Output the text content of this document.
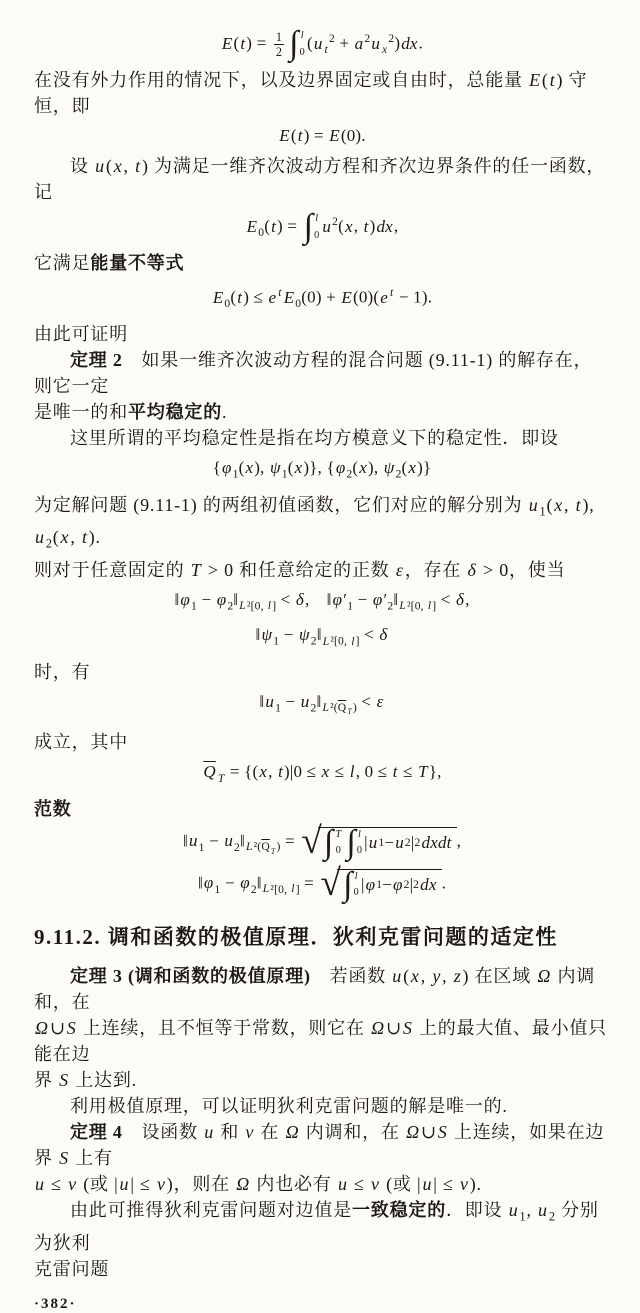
$E(t) = \frac{1}{2}$ ∫ l
0 (u $_t^2 + a^2u$ $_x^2$)dx.

在没有外力作用的情况下，以及边界固定或自由时，总能量 E(t) 守恒，即

E(t) = E(0).

设 u(x, t) 为满足一维齐次波动方程和齐次边界条件的任一函数，记

$E_0(t)$ = ∫ l
0 $u^2(x$, t)dx,

它满足能量不等式

$E_0(t) \le e$ $^t$ $E_0(0) + E(0)(e$ $^t$ − 1).

由此可证明

定理 2　如果一维齐次波动方程的混合问题 (9.11-1) 的解存在，则它一定

是唯一的和平均稳定的.

这里所谓的平均稳定性是指在均方模意义下的稳定性．即设

{$\varphi_1(x)$, $\psi_1(x)$}, {$\varphi_2(x)$, $\psi_2(x)$}

为定解问题 (9.11-1) 的两组初值函数，它们对应的解分别为 $u_1(x$, t), $u_2(x$, t).

则对于任意固定的 T > 0 和任意给定的正数 ε，存在 δ > 0，使当

$‖\varphi_1$ − $\varphi_2‖_{L^2[0, l]} < \delta$, $‖\varphi'_1$ − $\varphi'_2‖_{L^2[0, l]} < \delta$,
$‖\psi_1$ − $\psi_2‖_{L^2[0, l]} < \delta$

时，有

$‖u_1$ − $u_2‖_{L^2(\overline{Q}_T)} < \varepsilon$

成立，其中

$\overline{Q}$ $_T$ = {(x, t)|0 ≤ x ≤ l, 0 ≤ t ≤ T},

范数

$‖u_1$ − $u_2‖_{L^2(\overline{Q}_T)}$ = √ ∫ T
0 ∫ l
0 | u 1 − u 2 | 2 dxdt ,
$‖\varphi_1$ − $\varphi_2‖_{L^2[0, l]}$ = √ ∫ l
0 | φ 1 − φ 2 | 2 dx .
9.11.2. 调和函数的极值原理．狄利克雷问题的适定性

定理 3 (调和函数的极值原理)　若函数 u(x, y, z) 在区域 Ω 内调和，在

Ω∪S 上连续，且不恒等于常数，则它在 Ω∪S 上的最大值、最小值只能在边

界 S 上达到.

利用极值原理，可以证明狄利克雷问题的解是唯一的.

定理 4　设函数 u 和 v 在 Ω 内调和，在 Ω∪S 上连续，如果在边界 S 上有

u ≤ v (或 |u| ≤ v)，则在 Ω 内也必有 u ≤ v (或 |u| ≤ v).

由此可推得狄利克雷问题对边值是一致稳定的．即设 $u_1$, $u_2$ 分别为狄利

克雷问题

·382·
